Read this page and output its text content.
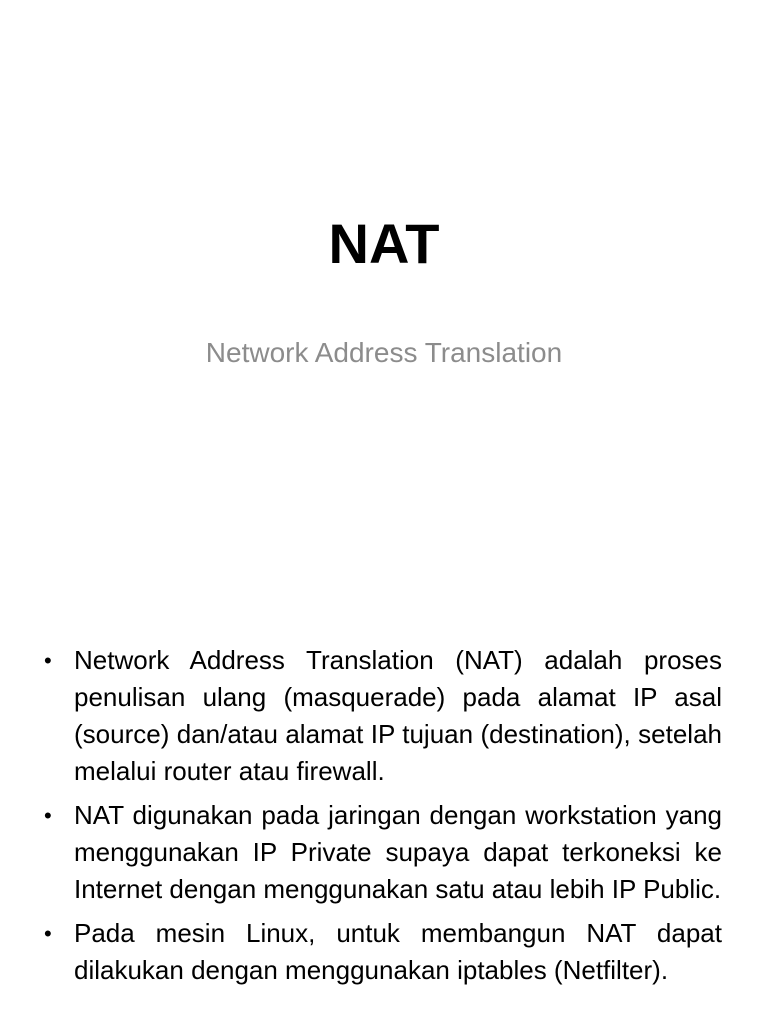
NAT

Network Address Translation

• Network Address Translation (NAT) adalah proses penulisan ulang (masquerade) pada alamat IP asal (source) dan/atau alamat IP tujuan (destination), setelah melalui router atau firewall.
• NAT digunakan pada jaringan dengan workstation yang menggunakan IP Private supaya dapat terkoneksi ke Internet dengan menggunakan satu atau lebih IP Public.
• Pada mesin Linux, untuk membangun NAT dapat dilakukan dengan menggunakan iptables (Netfilter).
